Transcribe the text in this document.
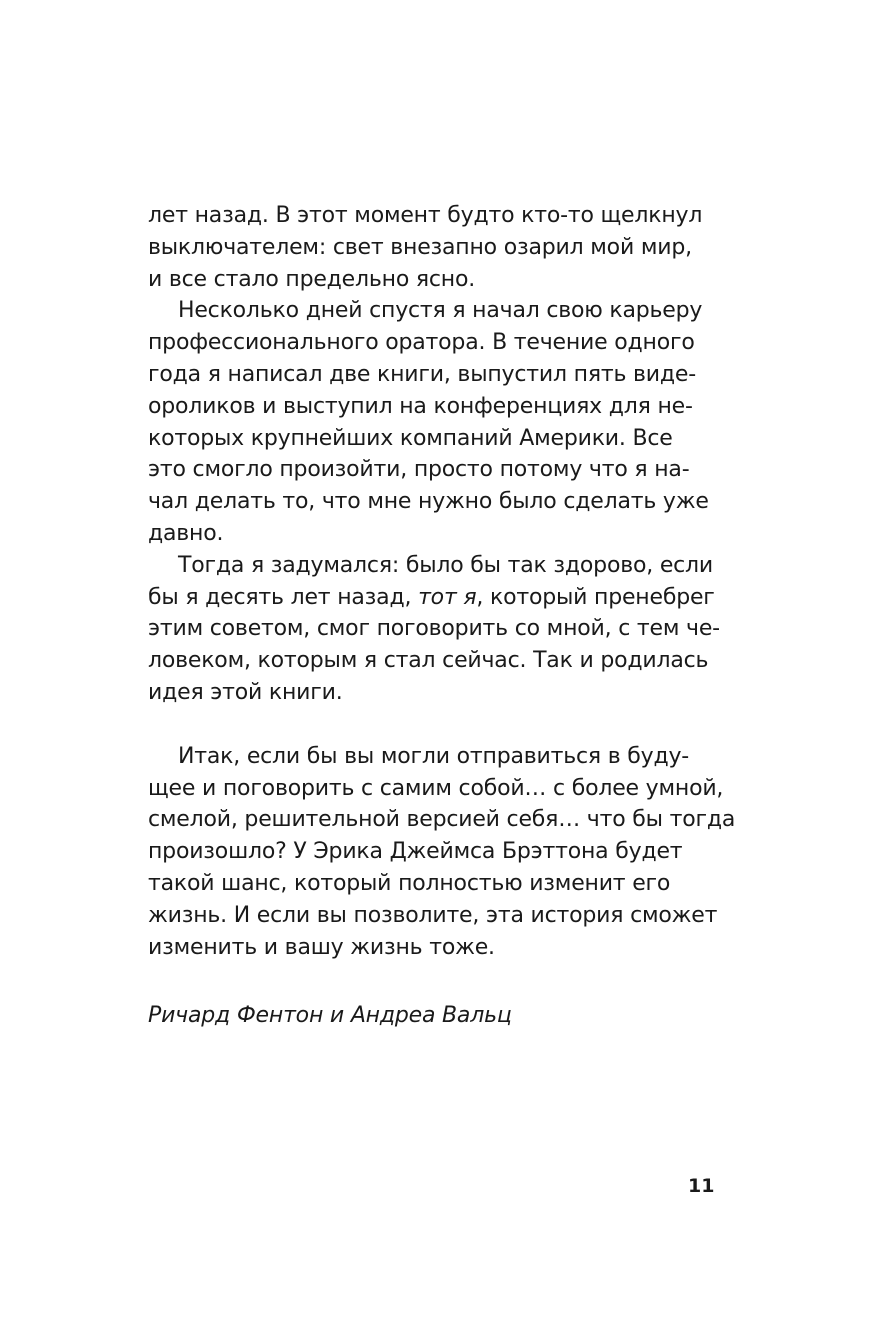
лет назад. В этот момент будто кто-то щелкнул
выключателем: свет внезапно озарил мой мир,
и все стало предельно ясно.
Несколько дней спустя я начал свою карьеру
профессионального оратора. В течение одного
года я написал две книги, выпустил пять виде-
ороликов и выступил на конференциях для не-
которых крупнейших компаний Америки. Все
это смогло произойти, просто потому что я на-
чал делать то, что мне нужно было сделать уже
давно.
Тогда я задумался: было бы так здорово, если
бы я десять лет назад, тот я, который пренебрег
этим советом, смог поговорить со мной, с тем че-
ловеком, которым я стал сейчас. Так и родилась
идея этой книги.
Итак, если бы вы могли отправиться в буду-
щее и поговорить с самим собой… с более умной,
смелой, решительной версией себя… что бы тогда
произошло? У Эрика Джеймса Брэттона будет
такой шанс, который полностью изменит его
жизнь. И если вы позволите, эта история сможет
изменить и вашу жизнь тоже.
Ричард Фентон и Андреа Вальц
11
